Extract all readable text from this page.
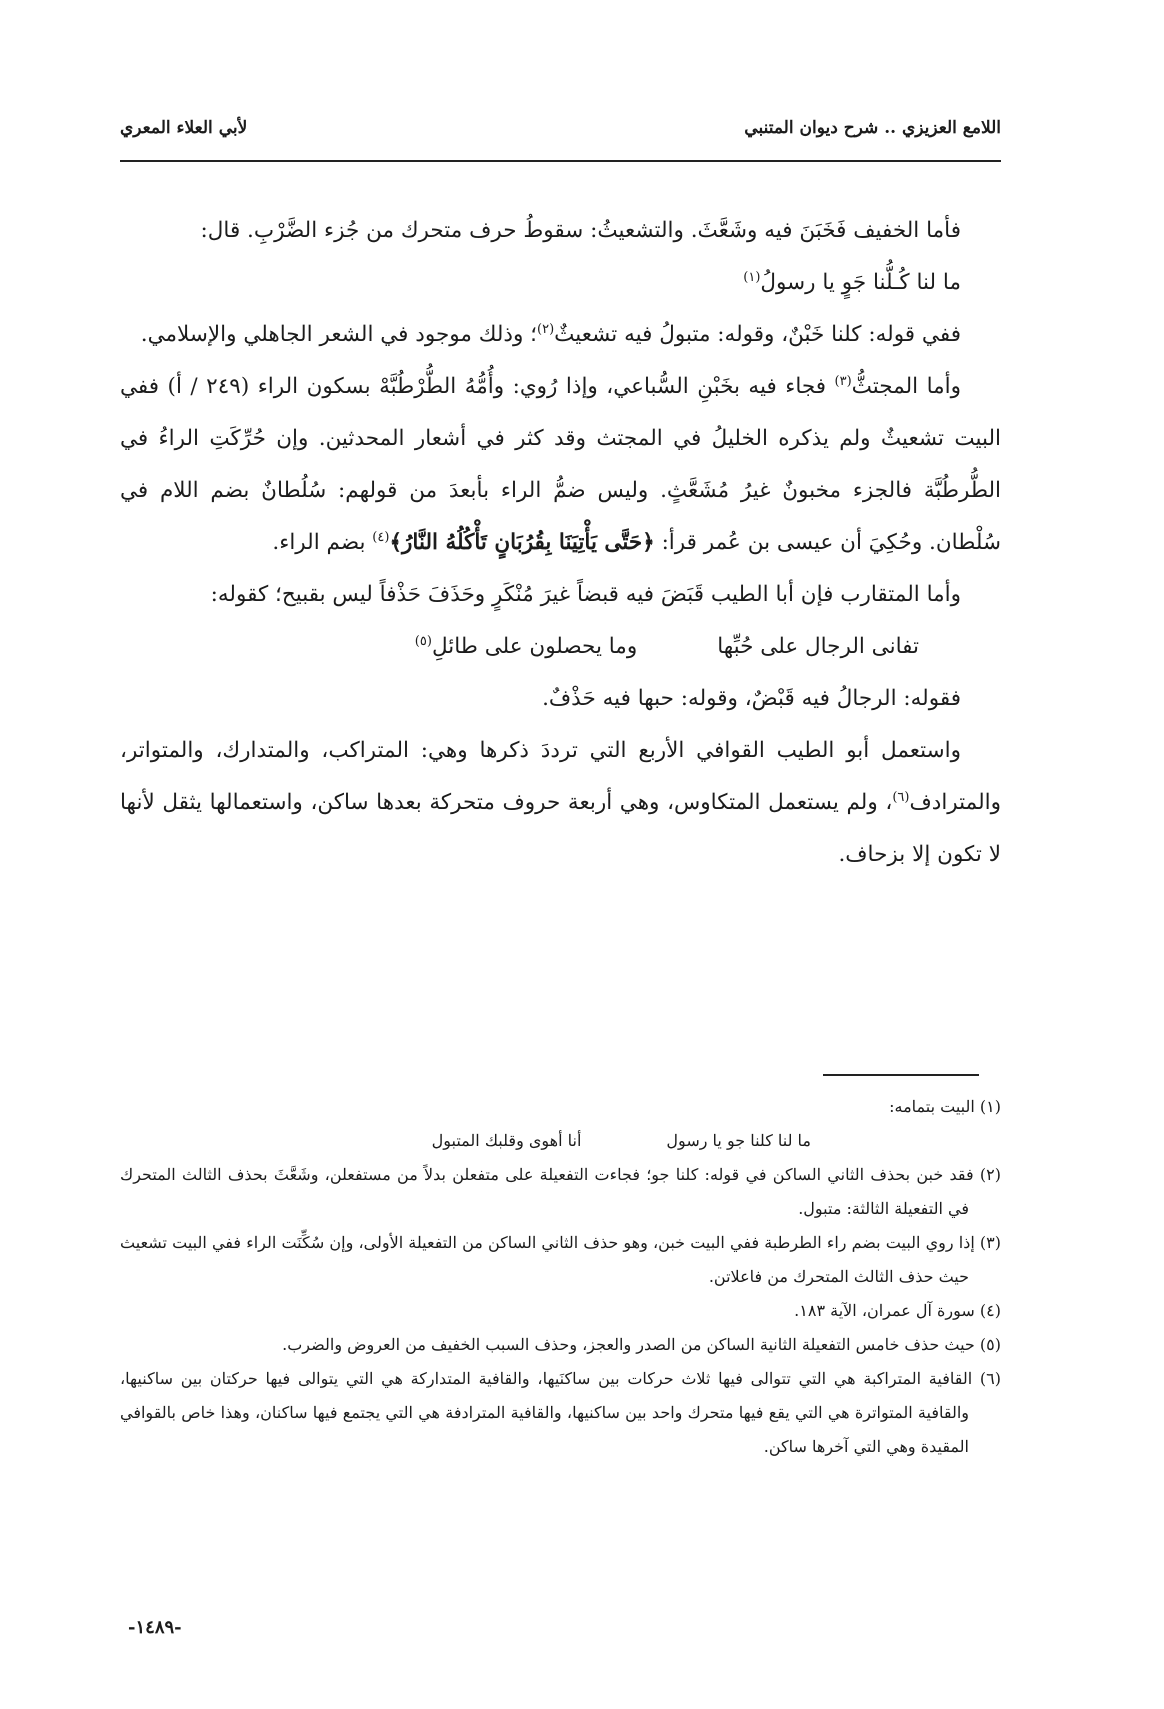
اللامع العزيزي .. شرح ديوان المتنبي
لأبي العلاء المعري

فأما الخفيف فَخَبَنَ فيه وشَعَّثَ. والتشعيثُ: سقوطُ حرف متحرك من جُزء الضَّرْبِ. قال:

ما لنا كُـلُّنا جَوٍ يا رسولُ$^{(١)}$

ففي قوله: كلنا خَبْنٌ، وقوله: متبولُ فيه تشعيثٌ$^{(٢)}$؛ وذلك موجود في الشعر الجاهلي والإسلامي.

وأما المجتثُّ$^{(٣)}$ فجاء فيه بخَبْنِ السُّباعي، وإذا رُوي: وأُمُّهُ الطُّرْطُبَّهْ بسكون الراء (٢٤٩ / أ) ففي البيت تشعيثٌ ولم يذكره الخليلُ في المجتث وقد كثر في أشعار المحدثين. وإن حُرِّكَتِ الراءُ في الطُّرطُبَّة فالجزء مخبونٌ غيرُ مُشَعَّثٍ. وليس ضمُّ الراء بأبعدَ من قولهم: سُلُطانٌ بضم اللام في سُلْطان. وحُكِيَ أن عيسى بن عُمر قرأ: ﴿حَتَّى يَأْتِيَنَا بِقُرُبَانٍ تَأْكُلُهُ النَّارُ﴾$^{(٤)}$ بضم الراء.

وأما المتقارب فإن أبا الطيب قَبَضَ فيه قبضاً غيرَ مُنْكَرٍ وحَذَفَ حَذْفاً ليس بقبيح؛ كقوله:

تفانى الرجال على حُبِّها
وما يحصلون على طائلِ$^{(٥)}$

فقوله: الرجالُ فيه قَبْضٌ، وقوله: حبها فيه حَذْفٌ.

واستعمل أبو الطيب القوافي الأربع التي ترددَ ذكرها وهي: المتراكب، والمتدارك، والمتواتر، والمترادف$^{(٦)}$، ولم يستعمل المتكاوس، وهي أربعة حروف متحركة بعدها ساكن، واستعمالها يثقل لأنها لا تكون إلا بزحاف.

(١) البيت بتمامه:

ما لنا كلنا جو يا رسول
أنا أهوى وقلبك المتبول

(٢) فقد خبن بحذف الثاني الساكن في قوله: كلنا جو؛ فجاءت التفعيلة على متفعلن بدلاً من مستفعلن، وشَعَّثَ بحذف الثالث المتحرك في التفعيلة الثالثة: متبول.

(٣) إذا روي البيت بضم راء الطرطبة ففي البيت خبن، وهو حذف الثاني الساكن من التفعيلة الأولى، وإن سُكِّنَت الراء ففي البيت تشعيث حيث حذف الثالث المتحرك من فاعلاتن.

(٤) سورة آل عمران، الآية ١٨٣.

(٥) حيث حذف خامس التفعيلة الثانية الساكن من الصدر والعجز، وحذف السبب الخفيف من العروض والضرب.

(٦) القافية المتراكبة هي التي تتوالى فيها ثلاث حركات بين ساكنَيها، والقافية المتداركة هي التي يتوالى فيها حركتان بين ساكنيها، والقافية المتواترة هي التي يقع فيها متحرك واحد بين ساكنيها، والقافية المترادفة هي التي يجتمع فيها ساكنان، وهذا خاص بالقوافي المقيدة وهي التي آخرها ساكن.

-١٤٨٩-
